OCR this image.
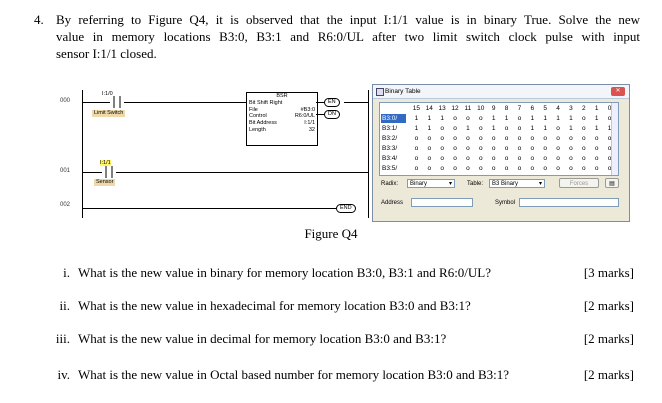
4. By referring to Figure Q4, it is observed that the input I:1/1 value is in binary True. Solve the new
value in memory locations B3:0, B3:1 and R6:0/UL after two limit switch clock pulse with input
sensor I:1/1 closed.
000
001
002
I:1/0
Limit Switch
BSR
Bit Shift Right
File	#B3:0
Control	R6:0/UL
Bit Address	I:1/1
Length	32
EN
DN
I:1/1
Sensor
END
Binary Table	✕
15 14 13 12 11 10	9	8	7	6	5	4	3	2	1	0
B3:0/	1	1	1	o	o	o	1	1	o	1	1	1	1	o	1	o
B3:1/	1	1	o	o	1	o	1	o	o	1	1	o	1	o	1	1
B3:2/	o	o	o	o	o	o	o	o	o	o	o	o	o	o	o	o
B3:3/	o	o	o	o	o	o	o	o	o	o	o	o	o	o	o	o
B3:4/	o	o	o	o	o	o	o	o	o	o	o	o	o	o	o	o
B3:5/	o	o	o	o	o	o	o	o	o	o	o	o	o	o	o	o
Radix:	Binary	▾	Table:	B3 Binary	▾	Forces	▤
Address	Symbol
Figure Q4
i. What is the new value in binary for memory location B3:0, B3:1 and R6:0/UL?	[3 marks]
ii. What is the new value in hexadecimal for memory location B3:0 and B3:1?	[2 marks]
iii. What is the new value in decimal for memory location B3:0 and B3:1?	[2 marks]
iv. What is the new value in Octal based number for memory location B3:0 and B3:1?	[2 marks]
